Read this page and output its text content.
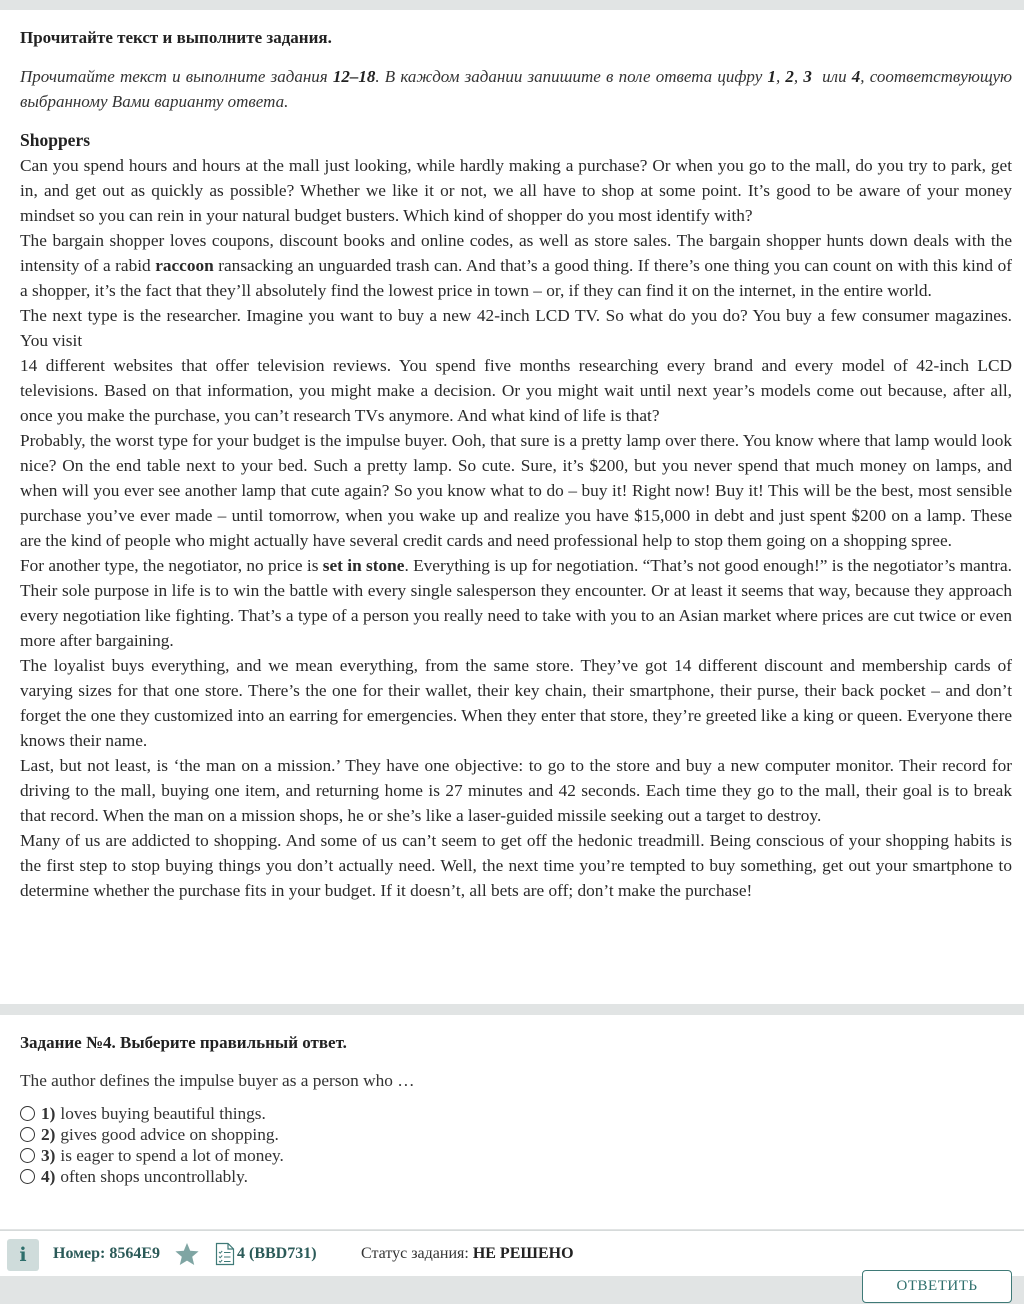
Прочитайте текст и выполните задания.

Прочитайте текст и выполните задания 12–18. В каждом задании запишите в поле ответа цифру 1, 2, 3  или 4, соответствующую выбранному Вами варианту ответа.

Shoppers

Can you spend hours and hours at the mall just looking, while hardly making a purchase? Or when you go to the mall, do you try to park, get in, and get out as quickly as possible? Whether we like it or not, we all have to shop at some point. It’s good to be aware of your money mindset so you can rein in your natural budget busters. Which kind of shopper do you most identify with?

The bargain shopper loves coupons, discount books and online codes, as well as store sales. The bargain shopper hunts down deals with the intensity of a rabid raccoon ransacking an unguarded trash can. And that’s a good thing. If there’s one thing you can count on with this kind of a shopper, it’s the fact that they’ll absolutely find the lowest price in town – or, if they can find it on the internet, in the entire world.

The next type is the researcher. Imagine you want to buy a new 42-inch LCD TV. So what do you do? You buy a few consumer magazines. You visit

14 different websites that offer television reviews. You spend five months researching every brand and every model of 42-inch LCD televisions. Based on that information, you might make a decision. Or you might wait until next year’s models come out because, after all, once you make the purchase, you can’t research TVs anymore. And what kind of life is that?

Probably, the worst type for your budget is the impulse buyer. Ooh, that sure is a pretty lamp over there. You know where that lamp would look nice? On the end table next to your bed. Such a pretty lamp. So cute. Sure, it’s $200, but you never spend that much money on lamps, and when will you ever see another lamp that cute again? So you know what to do – buy it! Right now! Buy it! This will be the best, most sensible purchase you’ve ever made – until tomorrow, when you wake up and realize you have $15,000 in debt and just spent $200 on a lamp. These are the kind of people who might actually have several credit cards and need professional help to stop them going on a shopping spree.

For another type, the negotiator, no price is set in stone. Everything is up for negotiation. “That’s not good enough!” is the negotiator’s mantra. Their sole purpose in life is to win the battle with every single salesperson they encounter. Or at least it seems that way, because they approach every negotiation like fighting. That’s a type of a person you really need to take with you to an Asian market where prices are cut twice or even more after bargaining.

The loyalist buys everything, and we mean everything, from the same store. They’ve got 14 different discount and membership cards of varying sizes for that one store. There’s the one for their wallet, their key chain, their smartphone, their purse, their back pocket – and don’t forget the one they customized into an earring for emergencies. When they enter that store, they’re greeted like a king or queen. Everyone there knows their name.

Last, but not least, is ‘the man on a mission.’ They have one objective: to go to the store and buy a new computer monitor. Their record for driving to the mall, buying one item, and returning home is 27 minutes and 42 seconds. Each time they go to the mall, their goal is to break that record. When the man on a mission shops, he or she’s like a laser-guided missile seeking out a target to destroy.

Many of us are addicted to shopping. And some of us can’t seem to get off the hedonic treadmill. Being conscious of your shopping habits is the first step to stop buying things you don’t actually need. Well, the next time you’re tempted to buy something, get out your smartphone to determine whether the purchase fits in your budget. If it doesn’t, all bets are off; don’t make the purchase!

Задание №4. Выберите правильный ответ.

The author defines the impulse buyer as a person who …

1) loves buying beautiful things.
2) gives good advice on shopping.
3) is eager to spend a lot of money.
4) often shops uncontrollably.
i	Номер: 8564E9	4 (BBD731)	Статус задания: НЕ РЕШЕНО
ОТВЕТИТЬ
